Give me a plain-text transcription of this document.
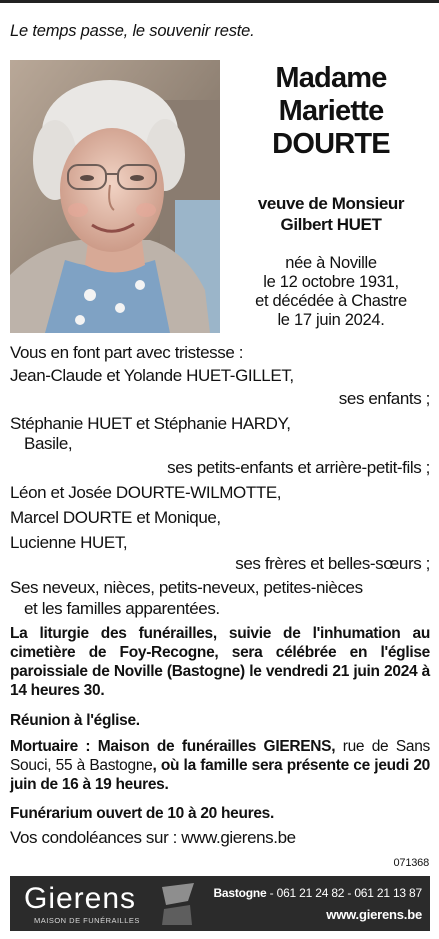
Le temps passe, le souvenir reste.
Madame
Mariette
DOURTE
veuve de Monsieur
Gilbert HUET
née à Noville
le 12 octobre 1931,
et décédée à Chastre
le 17 juin 2024.
Vous en font part avec tristesse :
Jean-Claude et Yolande HUET-GILLET,
ses enfants ;
Stéphanie HUET et Stéphanie HARDY,
Basile,
ses petits-enfants et arrière-petit-fils ;
Léon et Josée DOURTE-WILMOTTE,
Marcel DOURTE et Monique,
Lucienne HUET,
ses frères et belles-sœurs ;
Ses neveux, nièces, petits-neveux, petites-nièces
et les familles apparentées.
La liturgie des funérailles, suivie de l'inhumation au cimetière de Foy-Recogne, sera célébrée en l'église paroissiale de Noville (Bastogne) le vendredi 21 juin 2024 à 14 heures 30.
Réunion à l'église.
Mortuaire : Maison de funérailles GIERENS, rue de Sans Souci, 55 à Bastogne, où la famille sera présente ce jeudi 20 juin de 16 à 19 heures.
Funérarium ouvert de 10 à 20 heures.
Vos condoléances sur : www.gierens.be
071368
Gierens
MAISON DE FUNÉRAILLES
Bastogne - 061 21 24 82 - 061 21 13 87
www.gierens.be
